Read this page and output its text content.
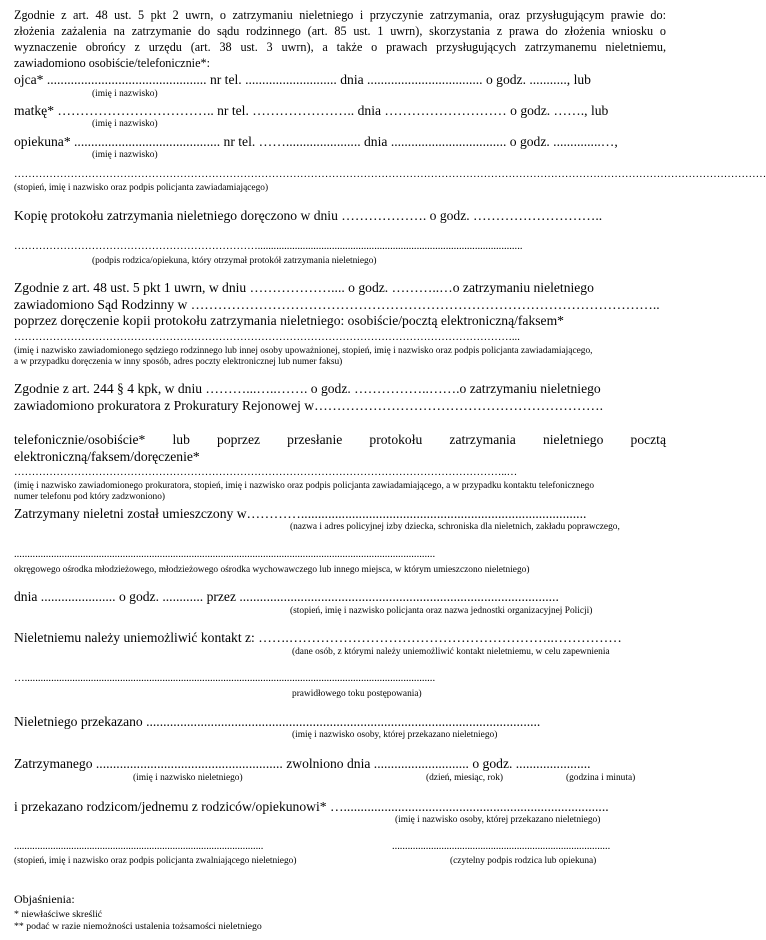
Zgodnie z art. 48 ust. 5 pkt 2 uwrn, o zatrzymaniu nieletniego i przyczynie zatrzymania, oraz przysługującym prawie do:
złożenia zażalenia na zatrzymanie do sądu rodzinnego (art. 85 ust. 1 uwrn), skorzystania z prawa do złożenia wniosku o
wyznaczenie obrońcy z urzędu (art. 38 ust. 3 uwrn), a także o prawach przysługujących zatrzymanemu nieletniemu,
zawiadomiono osobiście/telefonicznie*:
ojca* ............................................... nr tel. ........................... dnia .................................. o godz. ..........., lub
(imię i nazwisko)
matkę* …………………………….. nr tel. ………………….. dnia ……………………… o godz. ……., lub
(imię i nazwisko)
opiekuna* ........................................... nr tel. ……...................... dnia .................................. o godz. ..............…,
(imię i nazwisko)
……………………………………………………………………………………………………………………………………………………………………………………………
(stopień, imię i nazwisko oraz podpis policjanta zawiadamiającego)
Kopię protokołu zatrzymania nieletniego doręczono w dniu ………………. o godz. ………………………..
……………………………………………………………....................................................................................................
(podpis rodzica/opiekuna, który otrzymał protokół zatrzymania nieletniego)
Zgodnie z art. 48 ust. 5 pkt 1 uwrn, w dniu ……………….... o godz. ………..…o zatrzymaniu nieletniego
zawiadomiono Sąd Rodzinny w …………………………………………………………………………………………..
poprzez doręczenie kopii protokołu zatrzymania nieletniego: osobiście/pocztą elektroniczną/faksem*
……………………………………………………………………………………………………………………………...
(imię i nazwisko zawiadomionego sędziego rodzinnego lub innej osoby upoważnionej, stopień, imię i nazwisko oraz podpis policjanta zawiadamiającego,
a w przypadku doręczenia w inny sposób, adres poczty elektronicznej lub numer faksu)
Zgodnie z art. 244 § 4 kpk, w dniu ………...…..……. o godz. ……………..…….o zatrzymaniu nieletniego
zawiadomiono prokuratora z Prokuratury Rejonowej w……………………………………………………….
telefonicznie/osobiście* lub poprzez przesłanie protokołu zatrzymania nieletniego pocztą
elektroniczną/faksem/doręczenie*
…………………………………………………………………………………………………………………………..…
(imię i nazwisko zawiadomionego prokuratora, stopień, imię i nazwisko oraz podpis policjanta zawiadamiającego, a w przypadku kontaktu telefonicznego
numer telefonu pod który zadzwoniono)
Zatrzymany nieletni został umieszczony w…………....................................................................................
(nazwa i adres policyjnej izby dziecka, schroniska dla nieletnich, zakładu poprawczego,
...............................................................................................................................................................
okręgowego ośrodka młodzieżowego, młodzieżowego ośrodka wychowawczego lub innego miejsca, w którym umieszczono nieletniego)
dnia ...................... o godz. ............ przez ..............................................................................................
(stopień, imię i nazwisko policjanta oraz nazwa jednostki organizacyjnej Policji)
Nieletniemu należy uniemożliwić kontakt z: …….…………………………………………………..……………
(dane osób, z którymi należy uniemożliwić kontakt nieletniemu, w celu zapewnienia
…...........................................................................................................................................................
prawidłowego toku postępowania)
Nieletniego przekazano ....................................................................................................................
(imię i nazwisko osoby, której przekazano nieletniego)
Zatrzymanego ....................................................... zwolniono dnia ............................ o godz. ......................
(imię i nazwisko nieletniego)	(dzień, miesiąc, rok)	(godzina i minuta)
i przekazano rodzicom/jednemu z rodziców/opiekunowi* …..............................................................................
(imię i nazwisko osoby, której przekazano nieletniego)
................................................................................................
(stopień, imię i nazwisko oraz podpis policjanta zwalniającego nieletniego)
....................................................................................
(czytelny podpis rodzica lub opiekuna)
Objaśnienia:
* niewłaściwe skreślić
** podać w razie niemożności ustalenia tożsamości nieletniego
